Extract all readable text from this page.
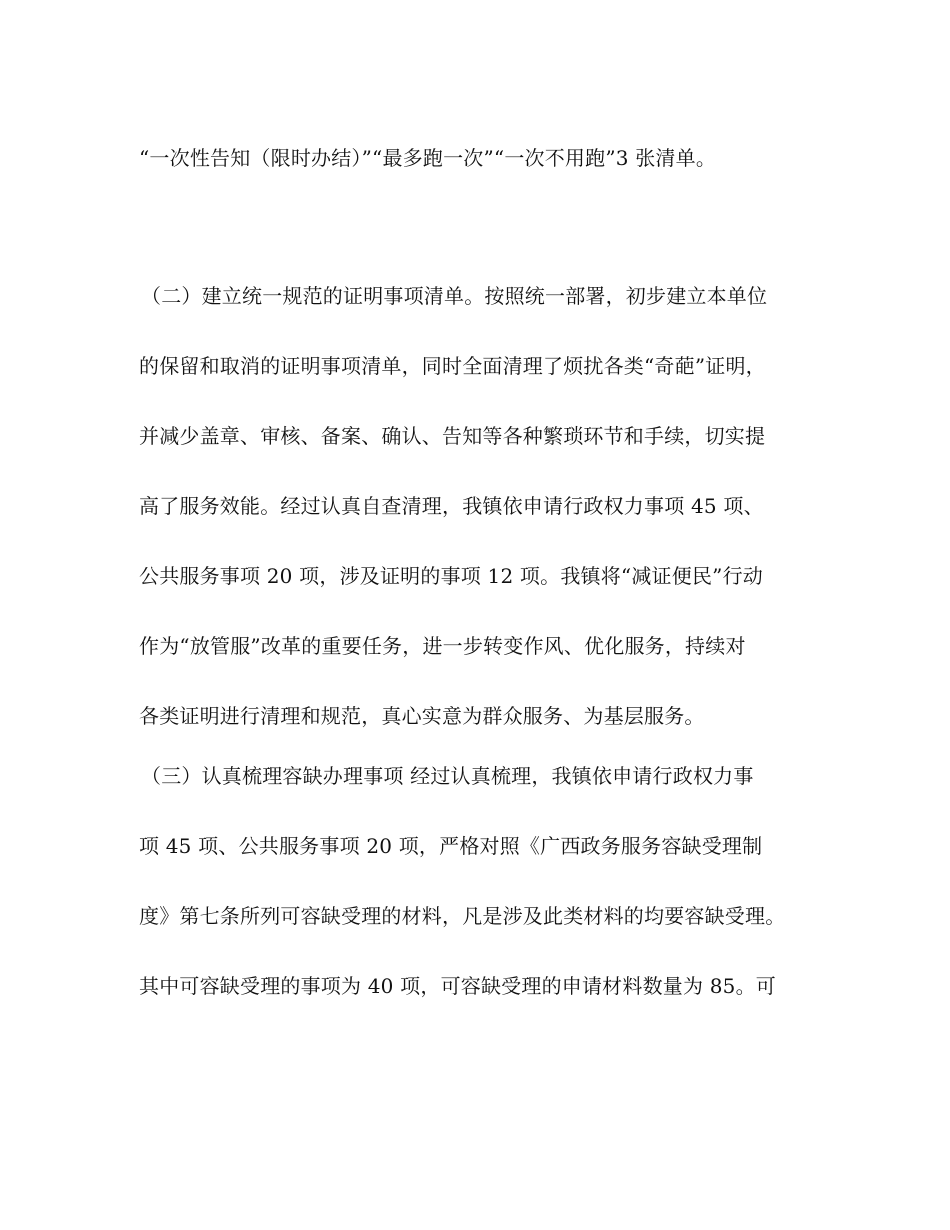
“一次性告知（限时办结）”“最多跑一次”“一次不用跑”3 张清单。

（二）建立统一规范的证明事项清单。按照统一部署，初步建立本单位

的保留和取消的证明事项清单，同时全面清理了烦扰各类“奇葩”证明，

并减少盖章、审核、备案、确认、告知等各种繁琐环节和手续，切实提

高了服务效能。经过认真自查清理，我镇依申请行政权力事项 45 项、

公共服务事项 20 项，涉及证明的事项 12 项。我镇将“减证便民”行动

作为“放管服”改革的重要任务，进一步转变作风、优化服务，持续对

各类证明进行清理和规范，真心实意为群众服务、为基层服务。

（三）认真梳理容缺办理事项 经过认真梳理，我镇依申请行政权力事

项 45 项、公共服务事项 20 项，严格对照《广西政务服务容缺受理制

度》第七条所列可容缺受理的材料，凡是涉及此类材料的均要容缺受理。

其中可容缺受理的事项为 40 项，可容缺受理的申请材料数量为 85。可
